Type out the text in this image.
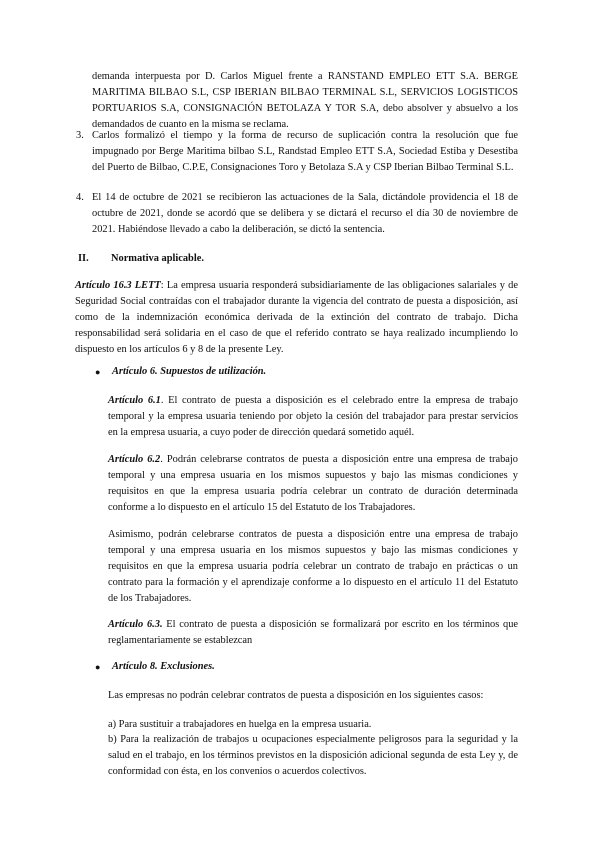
demanda interpuesta por D. Carlos Miguel frente a RANSTAND EMPLEO ETT S.A. BERGE MARITIMA BILBAO S.L, CSP IBERIAN BILBAO TERMINAL S.L, SERVICIOS LOGISTICOS PORTUARIOS S.A, CONSIGNACIÓN BETOLAZA Y TOR S.A, debo absolver y absuelvo a los demandados de cuanto en la misma se reclama.
3. Carlos formalizó el tiempo y la forma de recurso de suplicación contra la resolución que fue impugnado por Berge Maritima bilbao S.L, Randstad Empleo ETT S.A, Sociedad Estiba y Desestiba del Puerto de Bilbao, C.P.E, Consignaciones Toro y Betolaza S.A y CSP Iberian Bilbao Terminal S.L.
4. El 14 de octubre de 2021 se recibieron las actuaciones de la Sala, dictándole providencia el 18 de octubre de 2021, donde se acordó que se delibera y se dictará el recurso el día 30 de noviembre de 2021. Habiéndose llevado a cabo la deliberación, se dictó la sentencia.
II. Normativa aplicable.
Artículo 16.3 LETT: La empresa usuaria responderá subsidiariamente de las obligaciones salariales y de Seguridad Social contraídas con el trabajador durante la vigencia del contrato de puesta a disposición, así como de la indemnización económica derivada de la extinción del contrato de trabajo. Dicha responsabilidad será solidaria en el caso de que el referido contrato se haya realizado incumpliendo lo dispuesto en los artículos 6 y 8 de la presente Ley.
● Artículo 6. Supuestos de utilización.
Artículo 6.1. El contrato de puesta a disposición es el celebrado entre la empresa de trabajo temporal y la empresa usuaria teniendo por objeto la cesión del trabajador para prestar servicios en la empresa usuaria, a cuyo poder de dirección quedará sometido aquél.
Artículo 6.2. Podrán celebrarse contratos de puesta a disposición entre una empresa de trabajo temporal y una empresa usuaria en los mismos supuestos y bajo las mismas condiciones y requisitos en que la empresa usuaria podría celebrar un contrato de duración determinada conforme a lo dispuesto en el artículo 15 del Estatuto de los Trabajadores.
Asimismo, podrán celebrarse contratos de puesta a disposición entre una empresa de trabajo temporal y una empresa usuaria en los mismos supuestos y bajo las mismas condiciones y requisitos en que la empresa usuaria podría celebrar un contrato de trabajo en prácticas o un contrato para la formación y el aprendizaje conforme a lo dispuesto en el artículo 11 del Estatuto de los Trabajadores.
Artículo 6.3. El contrato de puesta a disposición se formalizará por escrito en los términos que reglamentariamente se establezcan
● Artículo 8. Exclusiones.
Las empresas no podrán celebrar contratos de puesta a disposición en los siguientes casos:
a) Para sustituir a trabajadores en huelga en la empresa usuaria.
b) Para la realización de trabajos u ocupaciones especialmente peligrosos para la seguridad y la salud en el trabajo, en los términos previstos en la disposición adicional segunda de esta Ley y, de conformidad con ésta, en los convenios o acuerdos colectivos.
